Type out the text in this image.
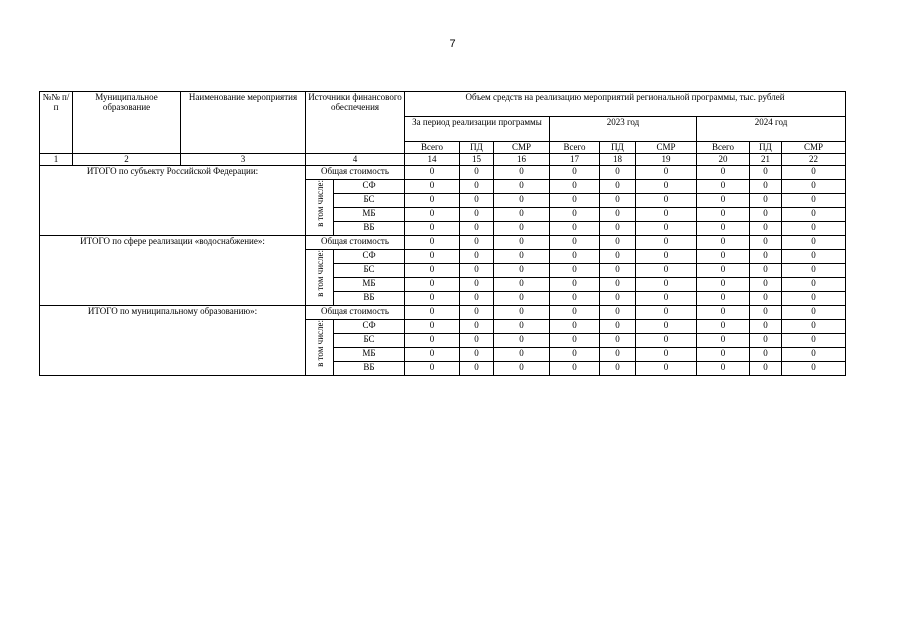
7
№№ п/п	Муниципальное образование	Наименование мероприятия	Источники финансового обеспечения		Объем средств на реализацию мероприятий региональной программы, тыс. рублей								
					За период реализации программы			2023 год			2024 год		
					Всего	ПД	СМР	Всего	ПД	СМР	Всего	ПД	СМР
1	2	3	4		14	15	16	17	18	19	20	21	22
ИТОГО по субъекту Российской Федерации:			Общая стоимость		0	0	0	0	0	0	0	0	0

			в том числе:	СФ	0	0	0	0	0	0	0	0	0
				БС	0	0	0	0	0	0	0	0	0
				МБ	0	0	0	0	0	0	0	0	0
				ВБ	0	0	0	0	0	0	0	0	0
ИТОГО по сфере реализации «водоснабжение»:			Общая стоимость		0	0	0	0	0	0	0	0	0

			в том числе:	СФ	0	0	0	0	0	0	0	0	0
				БС	0	0	0	0	0	0	0	0	0
				МБ	0	0	0	0	0	0	0	0	0
				ВБ	0	0	0	0	0	0	0	0	0
ИТОГО по муниципальному образованию»:			Общая стоимость		0	0	0	0	0	0	0	0	0

			в том числе:	СФ	0	0	0	0	0	0	0	0	0
				БС	0	0	0	0	0	0	0	0	0
				МБ	0	0	0	0	0	0	0	0	0
				ВБ	0	0	0	0	0	0	0	0	0
